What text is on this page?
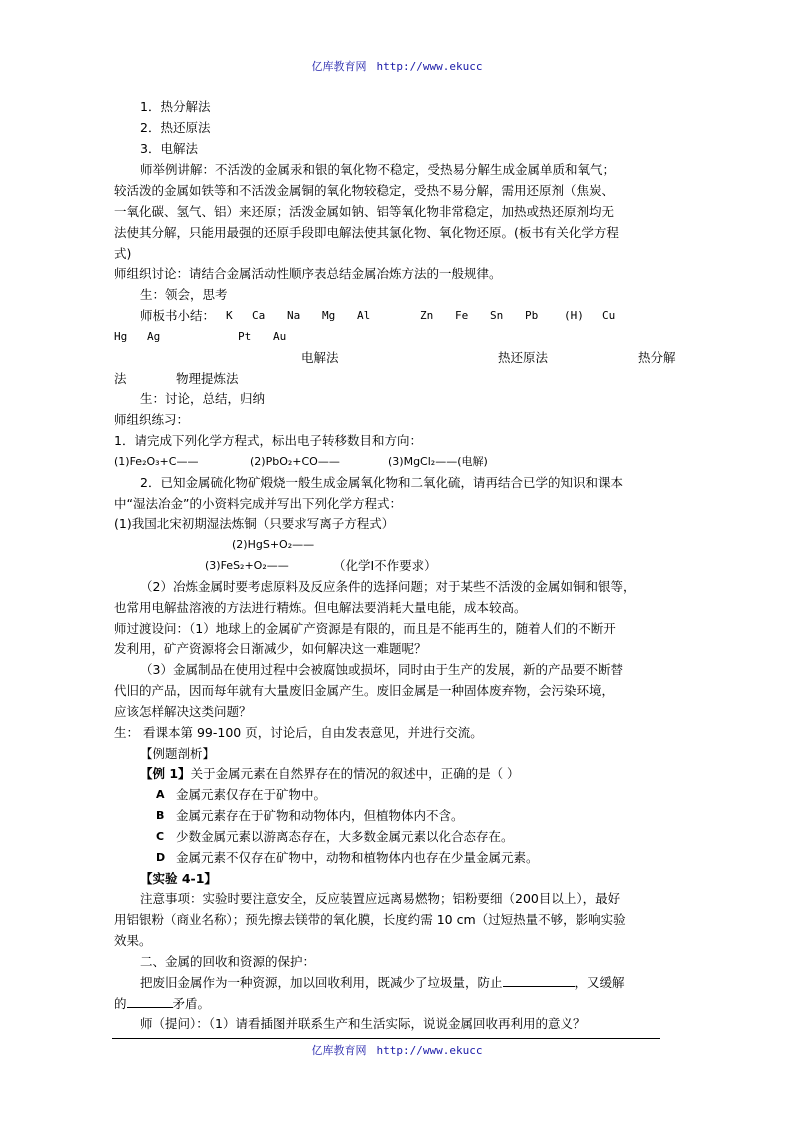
亿库教育网 http://www.ekucc
1．热分解法
2．热还原法
3．电解法
师举例讲解：不活泼的金属汞和银的氧化物不稳定，受热易分解生成金属单质和氧气；
较活泼的金属如铁等和不活泼金属铜的氧化物较稳定，受热不易分解，需用还原剂（焦炭、
一氧化碳、氢气、铝）来还原；活泼金属如钠、铝等氧化物非常稳定，加热或热还原剂均无
法使其分解，只能用最强的还原手段即电解法使其氯化物、氧化物还原。(板书有关化学方程
式)
师组织讨论：请结合金属活动性顺序表总结金属冶炼方法的一般规律。
生：领会，思考
师板书小结： K Ca Na Mg Al	Zn Fe Sn Pb (H) Cu
Hg Ag	Pt Au
电解法	热还原法	热分解
法	物理提炼法
生：讨论，总结，归纳
师组织练习：
1．请完成下列化学方程式，标出电子转移数目和方向：
(1)Fe₂O₃+C——	(2)PbO₂+CO——	(3)MgCl₂——(电解)
2．已知金属硫化物矿煅烧一般生成金属氧化物和二氧化硫，请再结合已学的知识和课本
中“湿法冶金”的小资料完成并写出下列化学方程式：
(1)我国北宋初期湿法炼铜（只要求写离子方程式）
(2)HgS+O₂——
(3)FeS₂+O₂——	（化学Ⅰ不作要求）
（2）冶炼金属时要考虑原料及反应条件的选择问题；对于某些不活泼的金属如铜和银等，
也常用电解盐溶液的方法进行精炼。但电解法要消耗大量电能，成本较高。
师过渡设问：（1）地球上的金属矿产资源是有限的，而且是不能再生的，随着人们的不断开
发利用，矿产资源将会日渐减少，如何解决这一难题呢？
（3）金属制品在使用过程中会被腐蚀或损坏，同时由于生产的发展，新的产品要不断替
代旧的产品，因而每年就有大量废旧金属产生。废旧金属是一种固体废弃物，会污染环境，
应该怎样解决这类问题？
生： 看课本第 99-100 页，讨论后，自由发表意见，并进行交流。
【例题剖析】
【例 1】关于金属元素在自然界存在的情况的叙述中，正确的是（ ）
A 金属元素仅存在于矿物中。
B 金属元素存在于矿物和动物体内，但植物体内不含。
C 少数金属元素以游离态存在，大多数金属元素以化合态存在。
D 金属元素不仅存在矿物中，动物和植物体内也存在少量金属元素。
【实验 4-1】
注意事项：实验时要注意安全，反应装置应远离易燃物；铝粉要细（200目以上），最好
用铝银粉（商业名称）；预先擦去镁带的氧化膜，长度约需 10 cm（过短热量不够，影响实验
效果。
二、金属的回收和资源的保护：
把废旧金属作为一种资源，加以回收利用，既减少了垃圾量，防止	，又缓解
的	矛盾。
师（提问）：（1）请看插图并联系生产和生活实际，说说金属回收再利用的意义？
亿库教育网 http://www.ekucc
